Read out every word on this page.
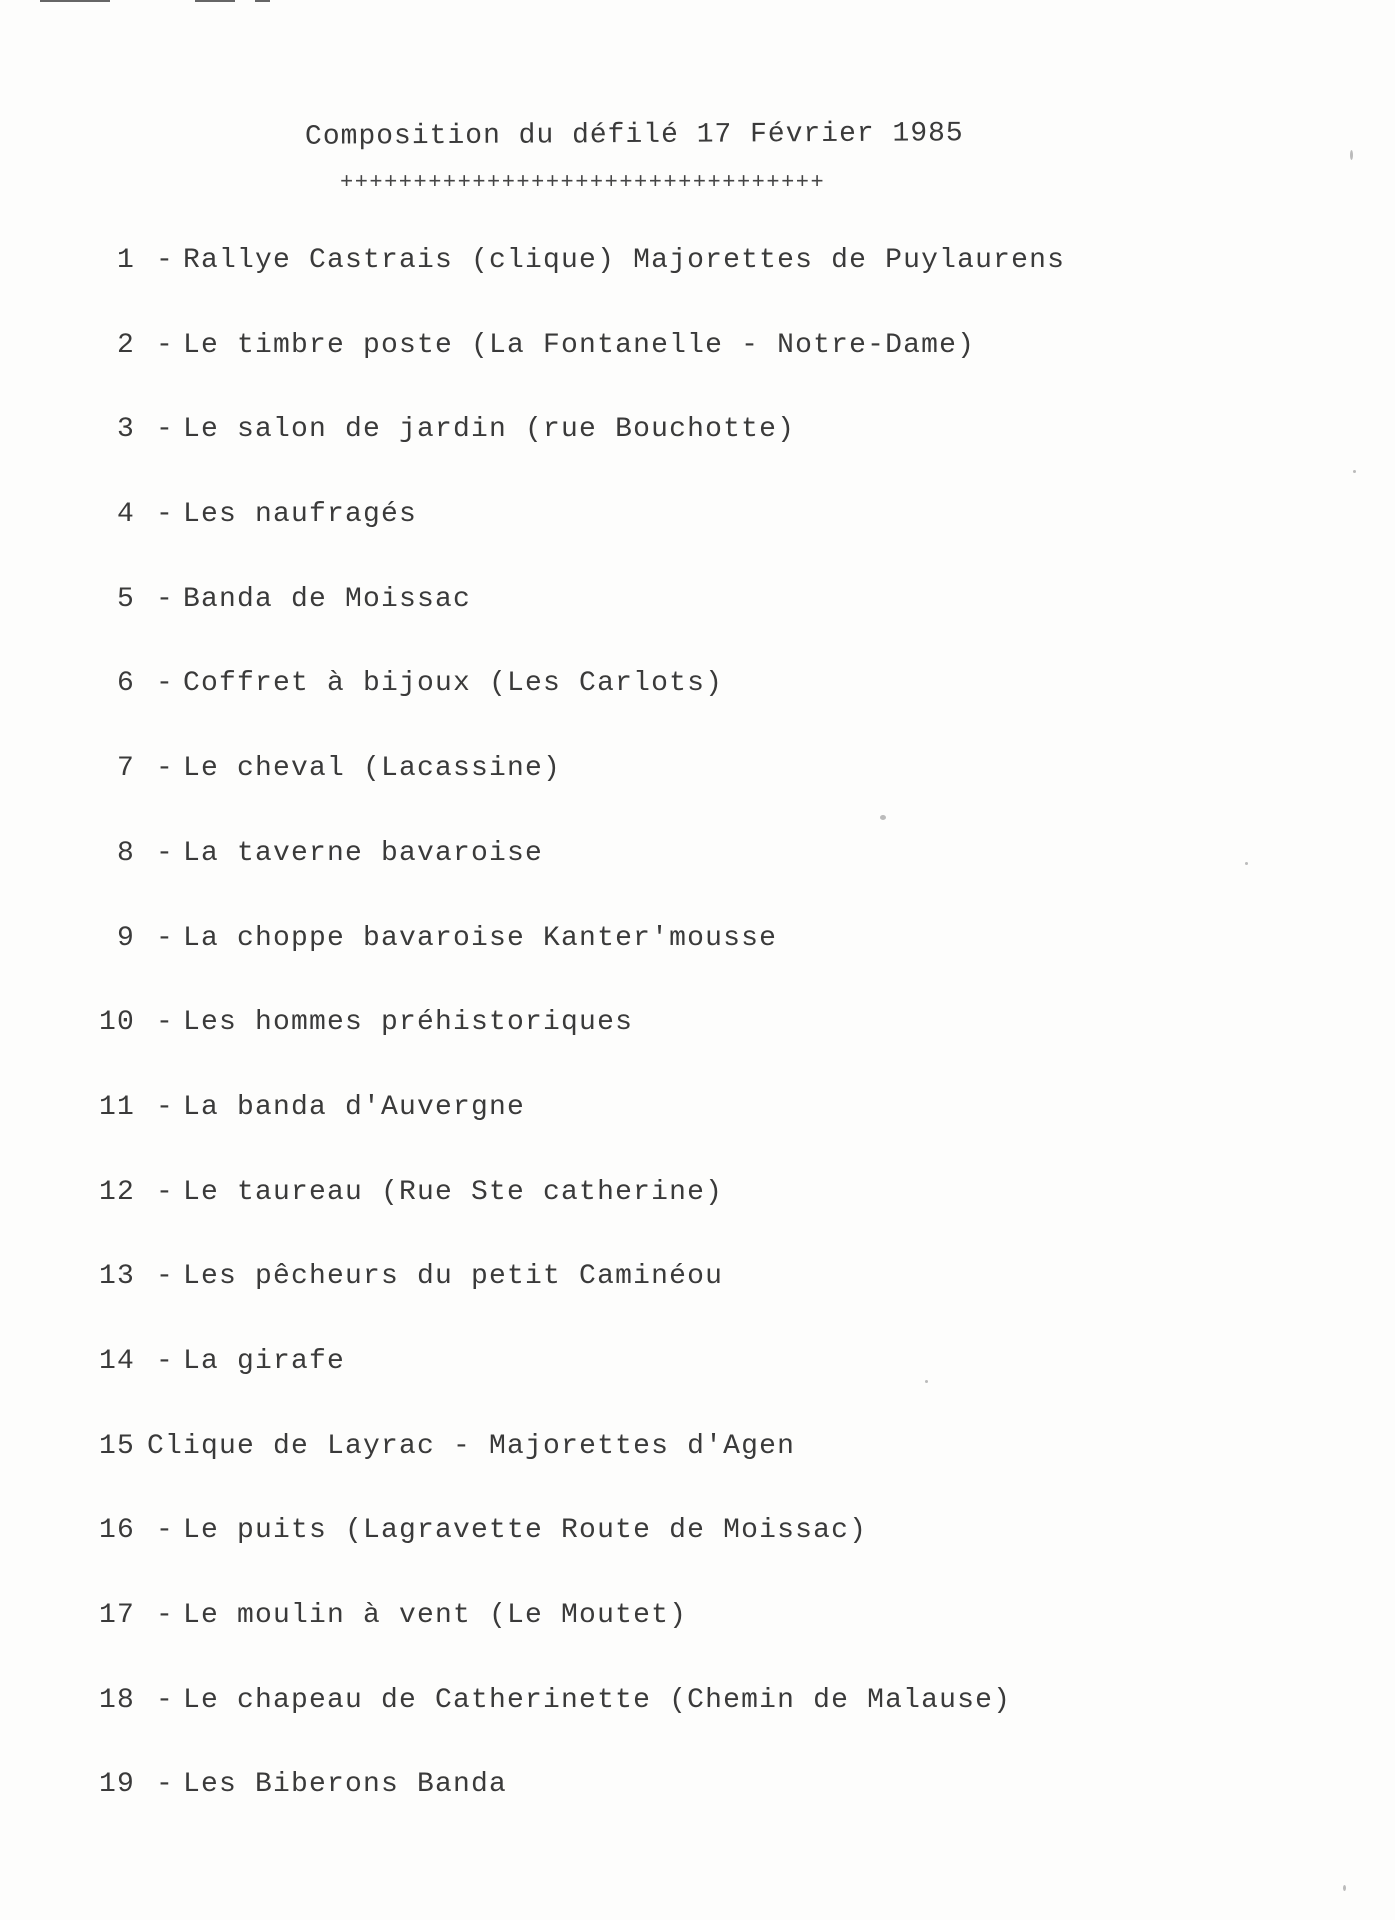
Composition du défilé 17 Février 1985
+++++++++++++++++++++++++++++++++
1 - Rallye Castrais (clique) Majorettes de Puylaurens
2 - Le timbre poste (La Fontanelle - Notre-Dame)
3 - Le salon de jardin (rue Bouchotte)
4 - Les naufragés
5 - Banda de Moissac
6 - Coffret à bijoux (Les Carlots)
7 - Le cheval (Lacassine)
8 - La taverne bavaroise
9 - La choppe bavaroise Kanter'mousse
10 - Les hommes préhistoriques
11 - La banda d'Auvergne
12 - Le taureau (Rue Ste catherine)
13 - Les pêcheurs du petit Caminéou
14 - La girafe
15 Clique de Layrac - Majorettes d'Agen
16 - Le puits (Lagravette Route de Moissac)
17 - Le moulin à vent (Le Moutet)
18 - Le chapeau de Catherinette (Chemin de Malause)
19 - Les Biberons Banda
